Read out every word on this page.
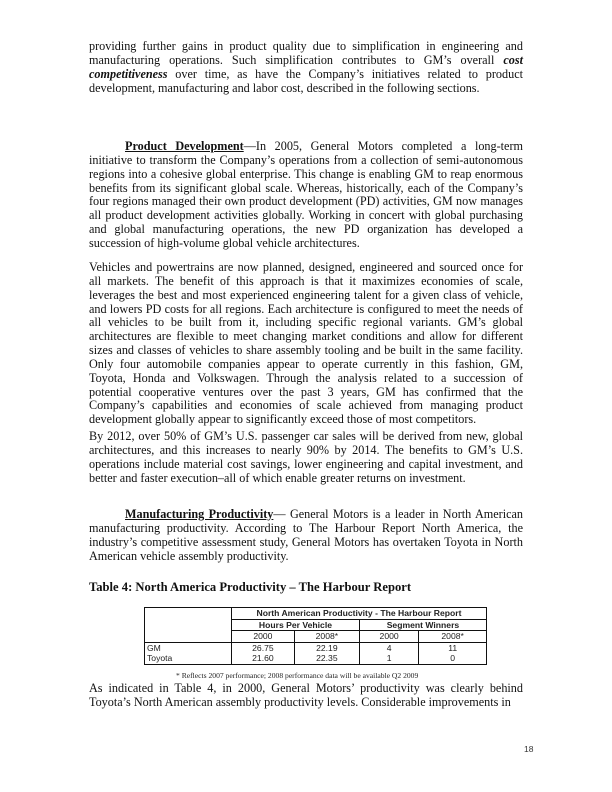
providing further gains in product quality due to simplification in engineering and manufacturing operations. Such simplification contributes to GM’s overall cost competitiveness over time, as have the Company’s initiatives related to product development, manufacturing and labor cost, described in the following sections.

Product Development—In 2005, General Motors completed a long-term initiative to transform the Company’s operations from a collection of semi-autonomous regions into a cohesive global enterprise. This change is enabling GM to reap enormous benefits from its significant global scale. Whereas, historically, each of the Company’s four regions managed their own product development (PD) activities, GM now manages all product development activities globally. Working in concert with global purchasing and global manufacturing operations, the new PD organization has developed a succession of high-volume global vehicle architectures.

Vehicles and powertrains are now planned, designed, engineered and sourced once for all markets. The benefit of this approach is that it maximizes economies of scale, leverages the best and most experienced engineering talent for a given class of vehicle, and lowers PD costs for all regions. Each architecture is configured to meet the needs of all vehicles to be built from it, including specific regional variants. GM’s global architectures are flexible to meet changing market conditions and allow for different sizes and classes of vehicles to share assembly tooling and be built in the same facility. Only four automobile companies appear to operate currently in this fashion, GM, Toyota, Honda and Volkswagen. Through the analysis related to a succession of potential cooperative ventures over the past 3 years, GM has confirmed that the Company’s capabilities and economies of scale achieved from managing product development globally appear to significantly exceed those of most competitors.

By 2012, over 50% of GM’s U.S. passenger car sales will be derived from new, global architectures, and this increases to nearly 90% by 2014. The benefits to GM’s U.S. operations include material cost savings, lower engineering and capital investment, and better and faster execution–all of which enable greater returns on investment.

Manufacturing Productivity— General Motors is a leader in North American manufacturing productivity. According to The Harbour Report North America, the industry’s competitive assessment study, General Motors has overtaken Toyota in North American vehicle assembly productivity.

Table 4: North America Productivity – The Harbour Report

	North American Productivity - The Harbour Report			
	Hours Per Vehicle		Segment Winners	
	2000	2008*	2000	2008*
GM	26.75	22.19	4	11
Toyota	21.60	22.35	1	0

* Reflects 2007 performance; 2008 performance data will be available Q2 2009

As indicated in Table 4, in 2000, General Motors’ productivity was clearly behind Toyota’s North American assembly productivity levels. Considerable improvements in

18
